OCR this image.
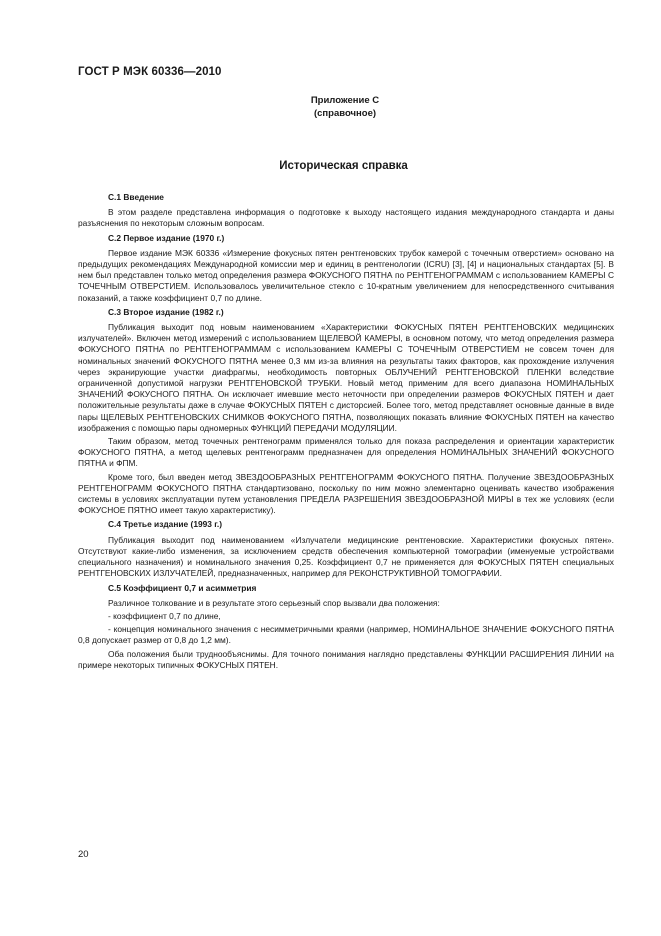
ГОСТ Р МЭК 60336—2010
Приложение C
(справочное)
Историческая справка
C.1 Введение

В этом разделе представлена информация о подготовке к выходу настоящего издания международного стандарта и даны разъяснения по некоторым сложным вопросам.

C.2 Первое издание (1970 г.)

Первое издание МЭК 60336 «Измерение фокусных пятен рентгеновских трубок камерой с точечным отверстием» основано на предыдущих рекомендациях Международной комиссии мер и единиц в рентгенологии (ICRU) [3], [4] и национальных стандартах [5]. В нем был представлен только метод определения размера ФОКУСНОГО ПЯТНА по РЕНТГЕНОГРАММАМ с использованием КАМЕРЫ С ТОЧЕЧНЫМ ОТВЕРСТИЕМ. Использовалось увеличительное стекло с 10-кратным увеличением для непосредственного считывания показаний, а также коэффициент 0,7 по длине.

C.3 Второе издание (1982 г.)

Публикация выходит под новым наименованием «Характеристики ФОКУСНЫХ ПЯТЕН РЕНТГЕНОВСКИХ медицинских излучателей». Включен метод измерений с использованием ЩЕЛЕВОЙ КАМЕРЫ, в основном потому, что метод определения размера ФОКУСНОГО ПЯТНА по РЕНТГЕНОГРАММАМ с использованием КАМЕРЫ С ТОЧЕЧНЫМ ОТВЕРСТИЕМ не совсем точен для номинальных значений ФОКУСНОГО ПЯТНА менее 0,3 мм из-за влияния на результаты таких факторов, как прохождение излучения через экранирующие участки диафрагмы, необходимость повторных ОБЛУЧЕНИЙ РЕНТГЕНОВСКОЙ ПЛЕНКИ вследствие ограниченной допустимой нагрузки РЕНТГЕНОВСКОЙ ТРУБКИ. Новый метод применим для всего диапазона НОМИНАЛЬНЫХ ЗНАЧЕНИЙ ФОКУСНОГО ПЯТНА. Он исключает имевшие место неточности при определении размеров ФОКУСНЫХ ПЯТЕН и дает положительные результаты даже в случае ФОКУСНЫХ ПЯТЕН с дисторсией. Более того, метод представляет основные данные в виде пары ЩЕЛЕВЫХ РЕНТГЕНОВСКИХ СНИМКОВ ФОКУСНОГО ПЯТНА, позволяющих показать влияние ФОКУСНЫХ ПЯТЕН на качество изображения с помощью пары одномерных ФУНКЦИЙ ПЕРЕДАЧИ МОДУЛЯЦИИ.

Таким образом, метод точечных рентгенограмм применялся только для показа распределения и ориентации характеристик ФОКУСНОГО ПЯТНА, а метод щелевых рентгенограмм предназначен для определения НОМИНАЛЬНЫХ ЗНАЧЕНИЙ ФОКУСНОГО ПЯТНА и ФПМ.

Кроме того, был введен метод ЗВЕЗДООБРАЗНЫХ РЕНТГЕНОГРАММ ФОКУСНОГО ПЯТНА. Получение ЗВЕЗДООБРАЗНЫХ РЕНТГЕНОГРАММ ФОКУСНОГО ПЯТНА стандартизовано, поскольку по ним можно элементарно оценивать качество изображения системы в условиях эксплуатации путем установления ПРЕДЕЛА РАЗРЕШЕНИЯ ЗВЕЗДООБРАЗНОЙ МИРЫ в тех же условиях (если ФОКУСНОЕ ПЯТНО имеет такую характеристику).

C.4 Третье издание (1993 г.)

Публикация выходит под наименованием «Излучатели медицинские рентгеновские. Характеристики фокусных пятен». Отсутствуют какие-либо изменения, за исключением средств обеспечения компьютерной томографии (именуемые устройствами специального назначения) и номинального значения 0,25. Коэффициент 0,7 не применяется для ФОКУСНЫХ ПЯТЕН специальных РЕНТГЕНОВСКИХ ИЗЛУЧАТЕЛЕЙ, предназначенных, например для РЕКОНСТРУКТИВНОЙ ТОМОГРАФИИ.

C.5 Коэффициент 0,7 и асимметрия

Различное толкование и в результате этого серьезный спор вызвали два положения:

- коэффициент 0,7 по длине,

- концепция номинального значения с несимметричными краями (например, НОМИНАЛЬНОЕ ЗНАЧЕНИЕ ФОКУСНОГО ПЯТНА 0,8 допускает размер от 0,8 до 1,2 мм).

Оба положения были труднообъяснимы. Для точного понимания наглядно представлены ФУНКЦИИ РАСШИРЕНИЯ ЛИНИИ на примере некоторых типичных ФОКУСНЫХ ПЯТЕН.

20
